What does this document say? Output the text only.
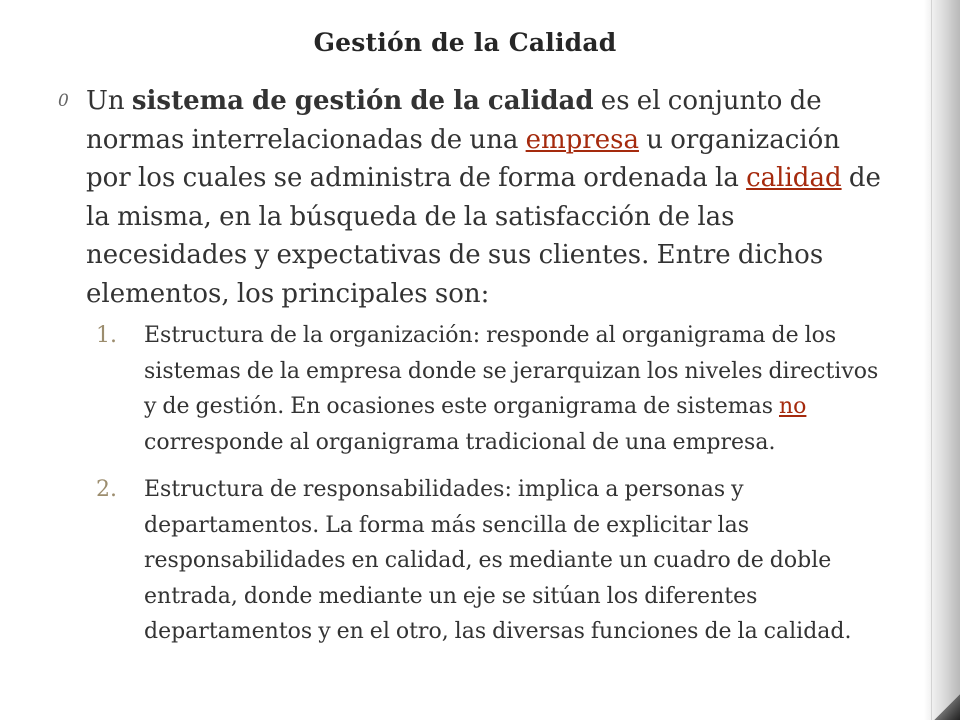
Gestión de la Calidad
0 Un sistema de gestión de la calidad es el conjunto de normas interrelacionadas de una empresa u organización por los cuales se administra de forma ordenada la calidad de la misma, en la búsqueda de la satisfacción de las necesidades y expectativas de sus clientes. Entre dichos elementos, los principales son:
1. Estructura de la organización: responde al organigrama de los sistemas de la empresa donde se jerarquizan los niveles directivos y de gestión. En ocasiones este organigrama de sistemas no corresponde al organigrama tradicional de una empresa.
2. Estructura de responsabilidades: implica a personas y departamentos. La forma más sencilla de explicitar las responsabilidades en calidad, es mediante un cuadro de doble entrada, donde mediante un eje se sitúan los diferentes departamentos y en el otro, las diversas funciones de la calidad.
